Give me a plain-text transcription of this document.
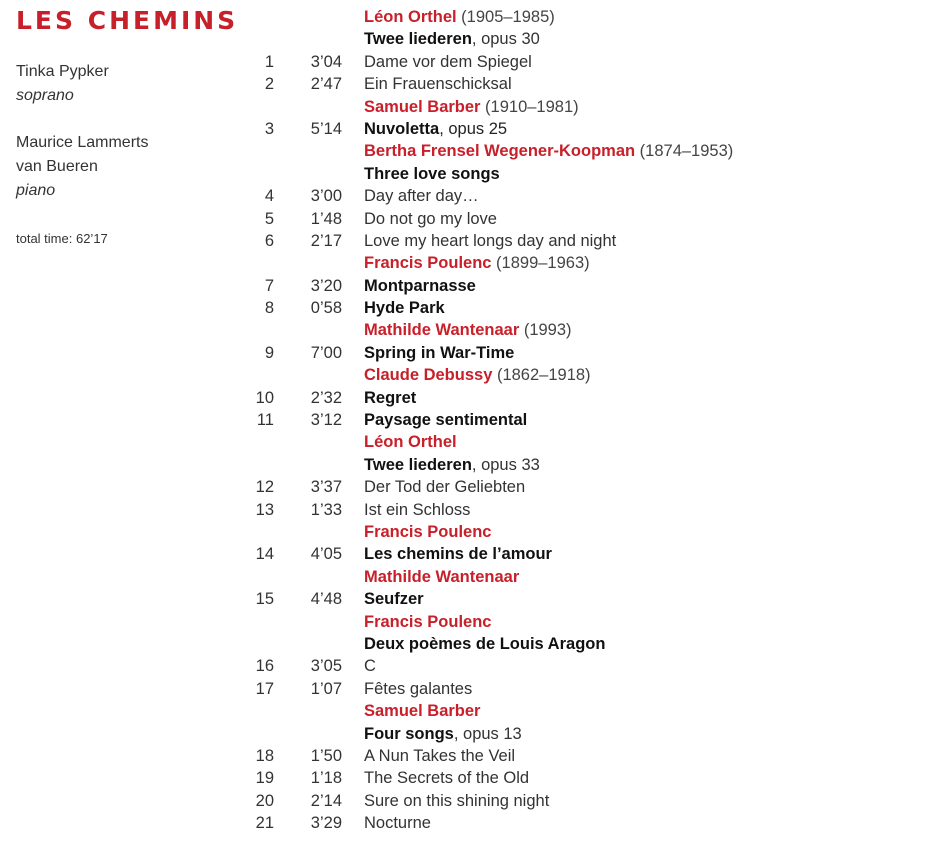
LES CHEMINS
Tinka Pypker
soprano
Maurice Lammerts
van Bueren
piano
total time: 62’17
Léon Orthel (1905–1985)
Twee liederen, opus 30
1	3’04 Dame vor dem Spiegel
2	2’47 Ein Frauenschicksal
Samuel Barber (1910–1981)
3	5’14 Nuvoletta, opus 25
Bertha Frensel Wegener-Koopman (1874–1953)
Three love songs
4	3’00 Day after day…
5	1’48 Do not go my love
6	2’17 Love my heart longs day and night
Francis Poulenc (1899–1963)
7	3’20 Montparnasse
8	0’58 Hyde Park
Mathilde Wantenaar (1993)
9	7’00 Spring in War-Time
Claude Debussy (1862–1918)
10	2’32 Regret
11	3’12 Paysage sentimental
Léon Orthel
Twee liederen, opus 33
12	3’37 Der Tod der Geliebten
13	1’33 Ist ein Schloss
Francis Poulenc
14	4’05 Les chemins de l’amour
Mathilde Wantenaar
15	4’48 Seufzer
Francis Poulenc
Deux poèmes de Louis Aragon
16	3’05 C
17	1’07 Fêtes galantes
Samuel Barber
Four songs, opus 13
18	1’50 A Nun Takes the Veil
19	1’18 The Secrets of the Old
20	2’14 Sure on this shining night
21	3’29 Nocturne
